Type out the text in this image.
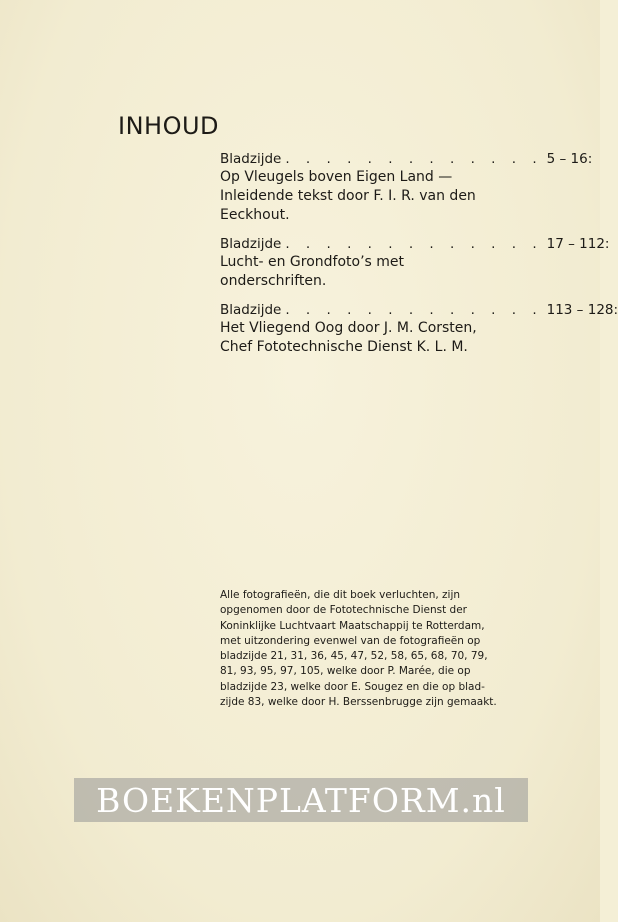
INHOUD
Bladzijde . . . . . . . . . . . . . 5 – 16:
Op Vleugels boven Eigen Land —
Inleidende tekst door F. I. R. van den
Eeckhout.
Bladzijde . . . . . . . . . . . . . 17 – 112:
Lucht- en Grondfoto’s met onderschriften.
Bladzijde . . . . . . . . . . . . . 113 – 128:
Het Vliegend Oog door J. M. Corsten,
Chef Fototechnische Dienst K. L. M.
Alle fotografieën, die dit boek verluchten, zijn
opgenomen door de Fototechnische Dienst der
Koninklijke Luchtvaart Maatschappij te Rotterdam,
met uitzondering evenwel van de fotografieën op
bladzijde 21, 31, 36, 45, 47, 52, 58, 65, 68, 70, 79,
81, 93, 95, 97, 105, welke door P. Marée, die op
bladzijde 23, welke door E. Sougez en die op blad-
zijde 83, welke door H. Berssenbrugge zijn gemaakt.
BOEKENPLATFORM.nl
